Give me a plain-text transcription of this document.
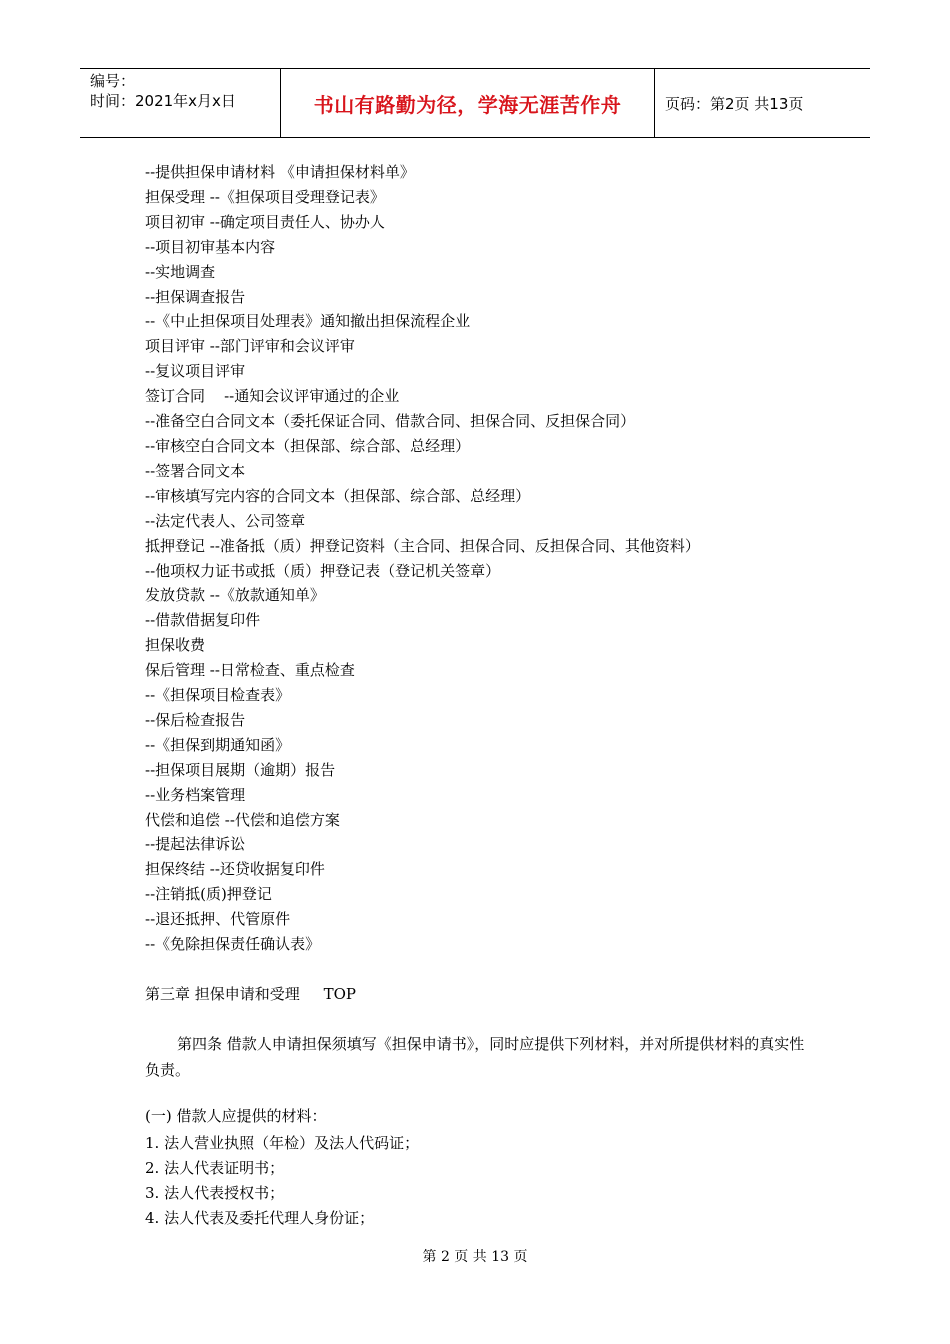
编号：
时间：2021年x月x日	书山有路勤为径，学海无涯苦作舟	页码：第2页 共13页
--提供担保申请材料 《申请担保材料单》
担保受理 --《担保项目受理登记表》
项目初审 --确定项目责任人、协办人
--项目初审基本内容
--实地调查
--担保调查报告
--《中止担保项目处理表》通知撤出担保流程企业
项目评审 --部门评审和会议评审
--复议项目评审
签订合同    --通知会议评审通过的企业
--准备空白合同文本（委托保证合同、借款合同、担保合同、反担保合同）
--审核空白合同文本（担保部、综合部、总经理）
--签署合同文本
--审核填写完内容的合同文本（担保部、综合部、总经理）
--法定代表人、公司签章
抵押登记 --准备抵（质）押登记资料（主合同、担保合同、反担保合同、其他资料）
--他项权力证书或抵（质）押登记表（登记机关签章）
发放贷款 --《放款通知单》
--借款借据复印件
担保收费
保后管理 --日常检查、重点检查
--《担保项目检查表》
--保后检查报告
--《担保到期通知函》
--担保项目展期（逾期）报告
--业务档案管理
代偿和追偿 --代偿和追偿方案
--提起法律诉讼
担保终结 --还贷收据复印件
--注销抵(质)押登记
--退还抵押、代管原件
--《免除担保责任确认表》
第三章 担保申请和受理     TOP

第四条 借款人申请担保须填写《担保申请书》，同时应提供下列材料，并对所提供材料的真实性负责。

(一) 借款人应提供的材料：
1. 法人营业执照（年检）及法人代码证；
2. 法人代表证明书；
3. 法人代表授权书；
4. 法人代表及委托代理人身份证；
第 2 页 共 13 页
